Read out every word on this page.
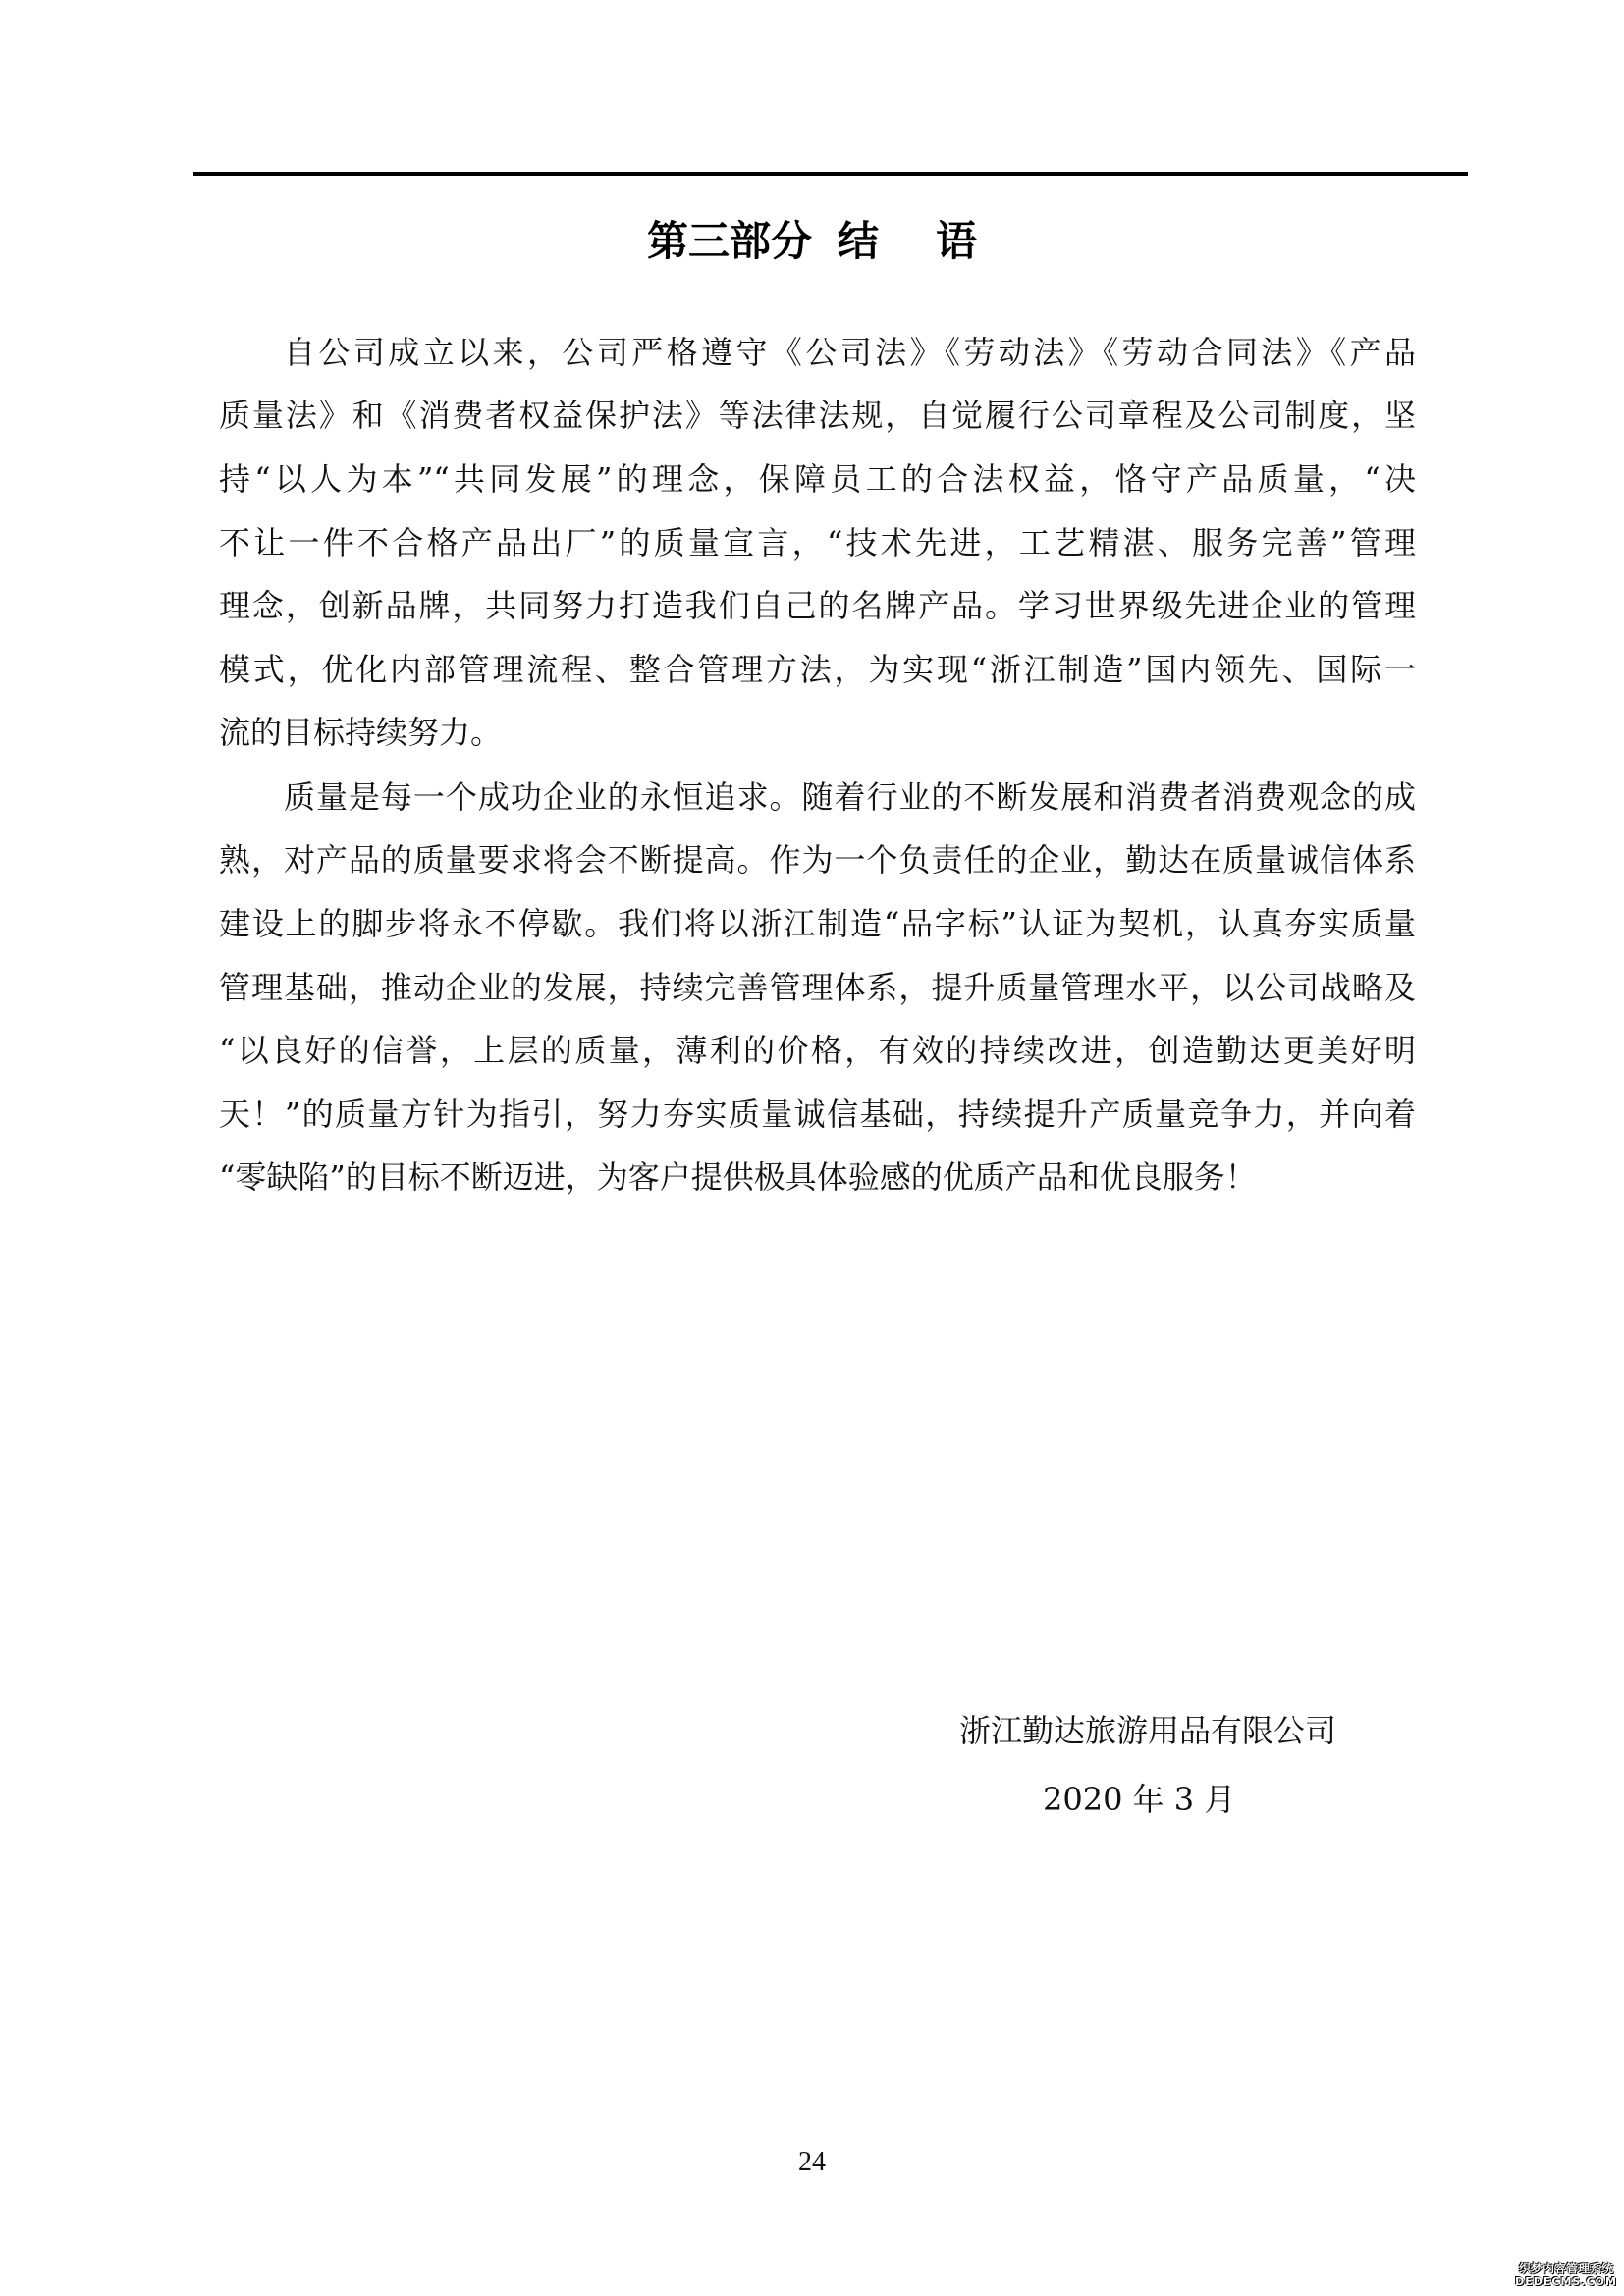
第三部分 结 语
自公司成立以来，公司严格遵守《公司法》《劳动法》《劳动合同法》《产品
质量法》和《消费者权益保护法》等法律法规，自觉履行公司章程及公司制度，坚
持“以人为本”“共同发展”的理念，保障员工的合法权益，恪守产品质量，“决
不让一件不合格产品出厂”的质量宣言，“技术先进，工艺精湛、服务完善”管理
理念，创新品牌，共同努力打造我们自己的名牌产品。学习世界级先进企业的管理
模式，优化内部管理流程、整合管理方法，为实现“浙江制造”国内领先、国际一
流的目标持续努力。
质量是每一个成功企业的永恒追求。随着行业的不断发展和消费者消费观念的成
熟，对产品的质量要求将会不断提高。作为一个负责任的企业，勤达在质量诚信体系
建设上的脚步将永不停歇。我们将以浙江制造“品字标”认证为契机，认真夯实质量
管理基础，推动企业的发展，持续完善管理体系，提升质量管理水平，以公司战略及
“以良好的信誉，上层的质量，薄利的价格，有效的持续改进，创造勤达更美好明
天！”的质量方针为指引，努力夯实质量诚信基础，持续提升产质量竞争力，并向着
“零缺陷”的目标不断迈进，为客户提供极具体验感的优质产品和优良服务！
浙江勤达旅游用品有限公司
2020 年 3 月
24
织梦内容管理系统
DEDECMS.COM
